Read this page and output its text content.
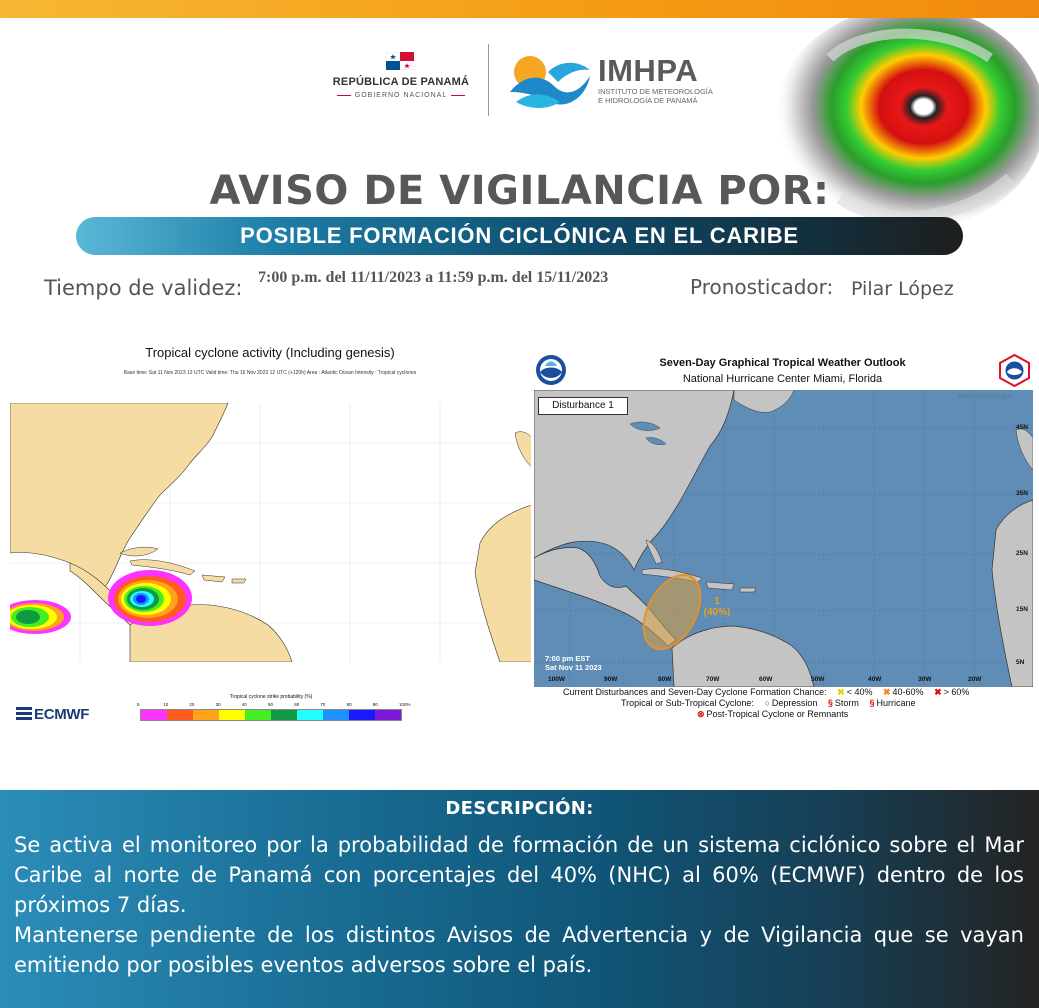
REPÚBLICA DE PANAMÁ
GOBIERNO NACIONAL
IMHPA
INSTITUTO DE METEOROLOGÍA
E HIDROLOGÍA DE PANAMÁ
AVISO DE VIGILANCIA POR:
POSIBLE FORMACIÓN CICLÓNICA EN EL CARIBE
Tiempo de validez: 7:00 p.m. del 11/11/2023 a 11:59 p.m. del 15/11/2023	Pronosticador: Pilar López
Tropical cyclone activity (Including genesis)
Base time: Sat 11 Nov 2023 12 UTC Valid time: Thu 16 Nov 2023 12 UTC (+120h) Area : Atlantic Ocean Intensity : Tropical cyclones
ECMWF
Tropical cyclone strike probability (%)
5	10	20	30	40	50	60	70	80	90	100%
Seven-Day Graphical Tropical Weather Outlook
National Hurricane Center Miami, Florida
Disturbance 1
www.hurricanes.gov
1
(40%)
7:00 pm EST
Sat Nov 11 2023
45N
35N
25N
15N
5N
100W	90W	80W	70W	60W	50W	40W	30W	20W
Current Disturbances and Seven-Day Cyclone Formation Chance: ✖ < 40% ✖ 40-60% ✖ > 60%
Tropical or Sub-Tropical Cyclone: ○ Depression § Storm § Hurricane
⊗ Post-Tropical Cyclone or Remnants
DESCRIPCIÓN:

Se activa el monitoreo por la probabilidad de formación de un sistema ciclónico sobre el Mar Caribe al norte de Panamá con porcentajes del 40% (NHC) al 60% (ECMWF) dentro de los próximos 7 días.

Mantenerse pendiente de los distintos Avisos de Advertencia y de Vigilancia que se vayan emitiendo por posibles eventos adversos sobre el país.
